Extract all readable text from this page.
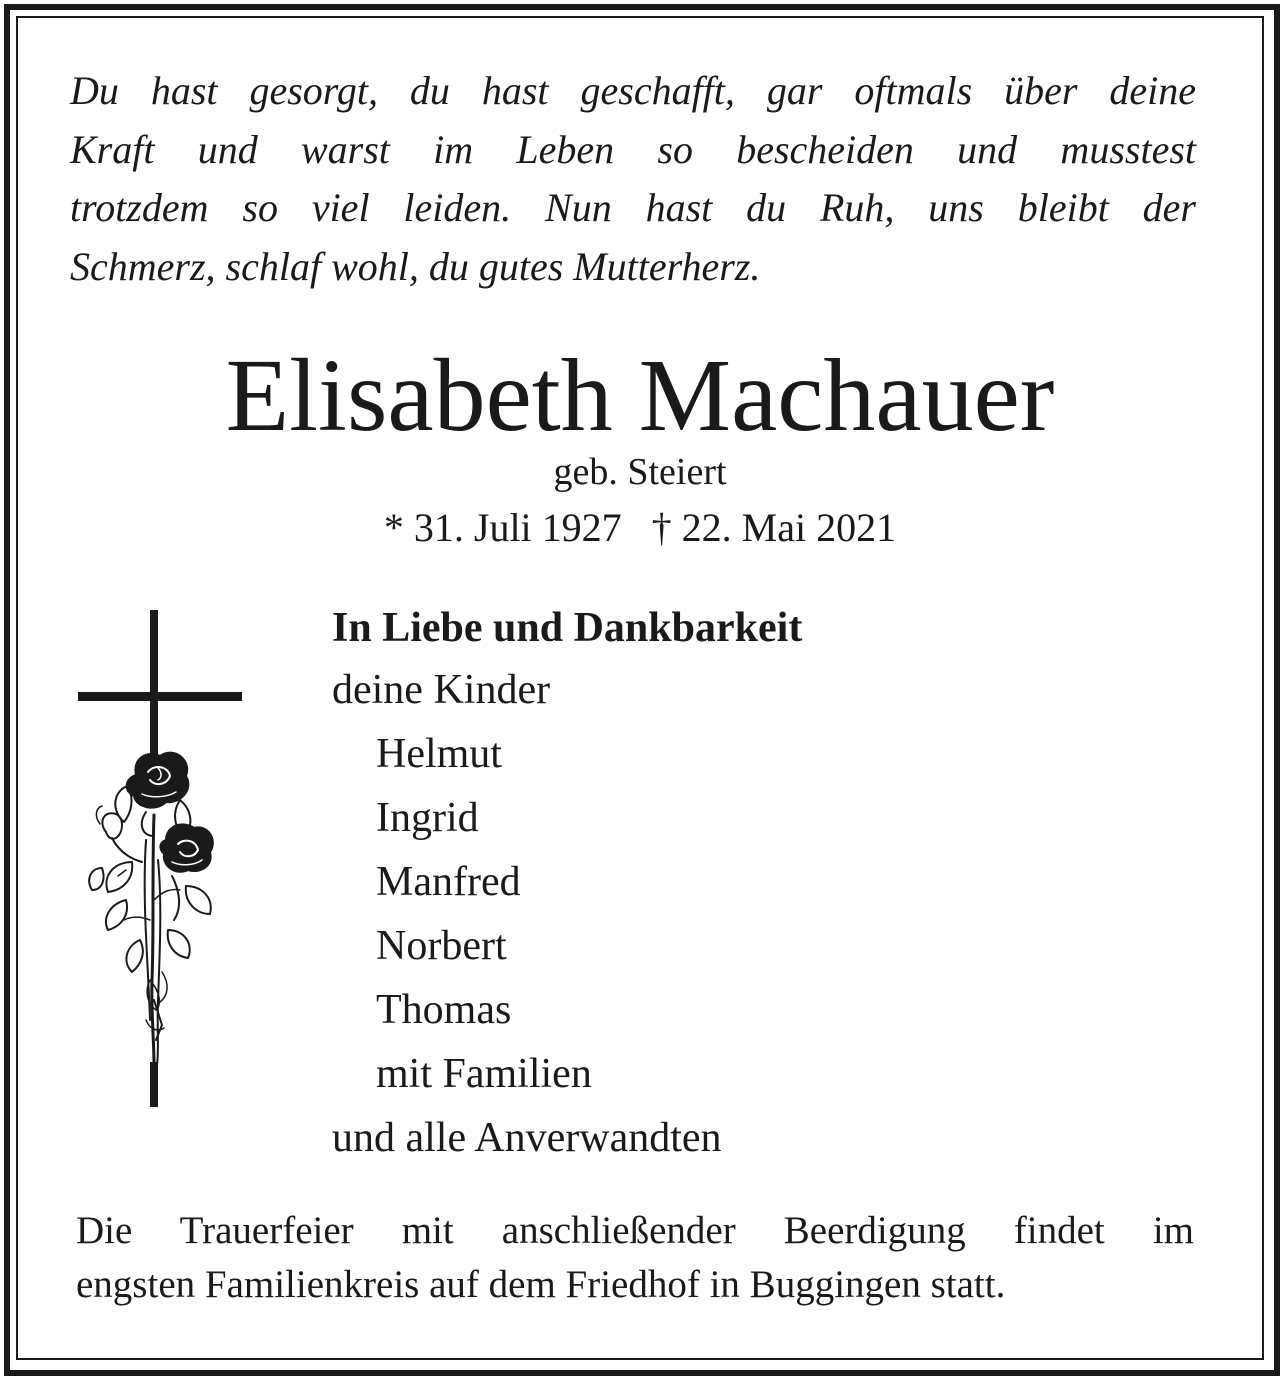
Du hast gesorgt, du hast geschafft, gar oftmals über deine
Kraft und warst im Leben so bescheiden und musstest
trotzdem so viel leiden. Nun hast du Ruh, uns bleibt der
Schmerz, schlaf wohl, du gutes Mutterherz.
Elisabeth Machauer
geb. Steiert
* 31. Juli 1927   † 22. Mai 2021
In Liebe und Dankbarkeit
deine Kinder
Helmut
Ingrid
Manfred
Norbert
Thomas
mit Familien
und alle Anverwandten
Die Trauerfeier mit anschließender Beerdigung findet im
engsten Familienkreis auf dem Friedhof in Buggingen statt.
